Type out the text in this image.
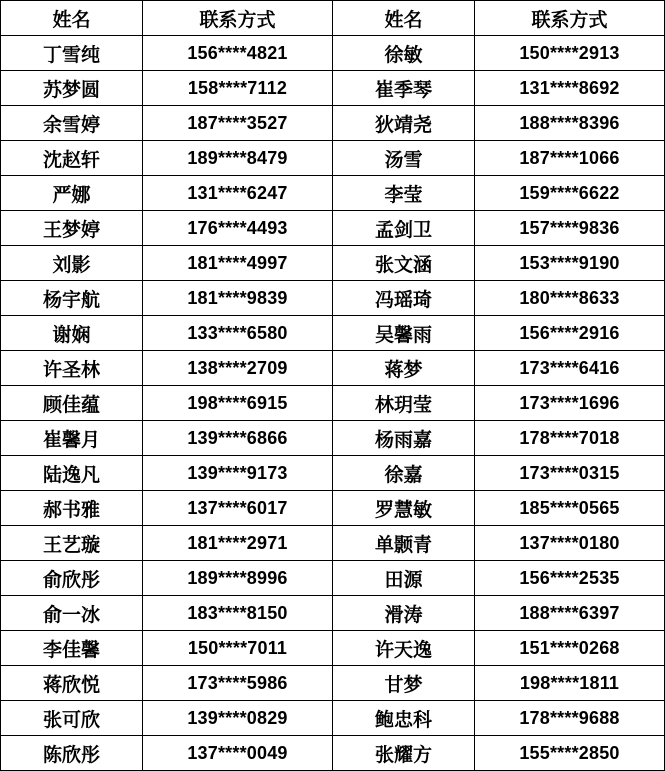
姓名	联系方式	姓名	联系方式
丁雪纯	156****4821	徐敏	150****2913
苏梦圆	158****7112	崔季琴	131****8692
余雪婷	187****3527	狄靖尧	188****8396
沈赵轩	189****8479	汤雪	187****1066
严娜	131****6247	李莹	159****6622
王梦婷	176****4493	孟剑卫	157****9836
刘影	181****4997	张文涵	153****9190
杨宇航	181****9839	冯瑶琦	180****8633
谢娴	133****6580	吴馨雨	156****2916
许圣林	138****2709	蒋梦	173****6416
顾佳蕴	198****6915	林玥莹	173****1696
崔馨月	139****6866	杨雨嘉	178****7018
陆逸凡	139****9173	徐嘉	173****0315
郝书雅	137****6017	罗慧敏	185****0565
王艺璇	181****2971	单颢青	137****0180
俞欣彤	189****8996	田源	156****2535
俞一冰	183****8150	滑涛	188****6397
李佳馨	150****7011	许天逸	151****0268
蒋欣悦	173****5986	甘梦	198****1811
张可欣	139****0829	鲍忠科	178****9688
陈欣彤	137****0049	张耀方	155****2850
